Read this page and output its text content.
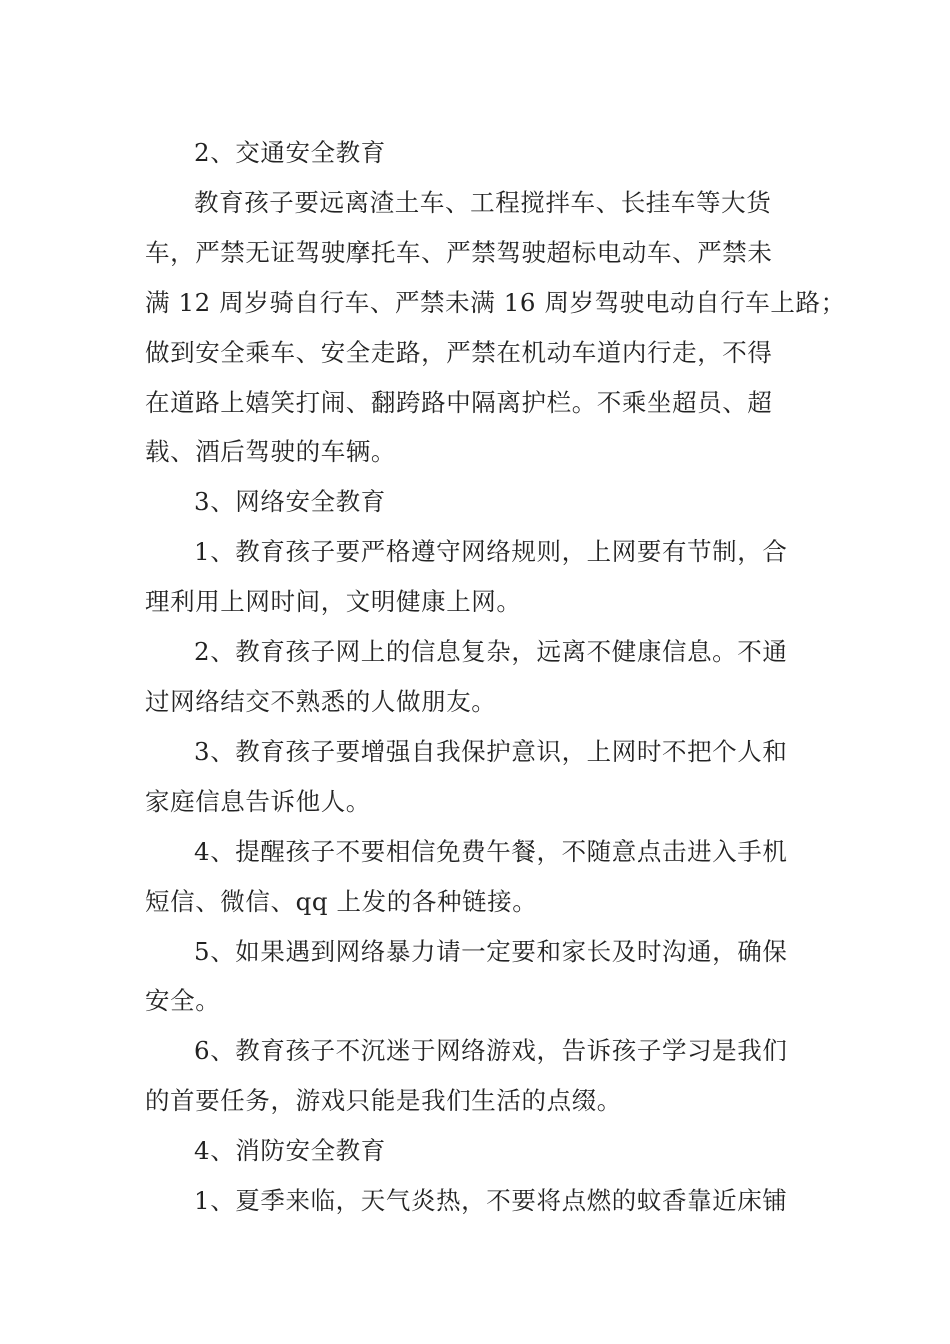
2、交通安全教育

教育孩子要远离渣土车、工程搅拌车、长挂车等大货
车，严禁无证驾驶摩托车、严禁驾驶超标电动车、严禁未
满 12 周岁骑自行车、严禁未满 16 周岁驾驶电动自行车上路；
做到安全乘车、安全走路，严禁在机动车道内行走，不得
在道路上嬉笑打闹、翻跨路中隔离护栏。不乘坐超员、超
载、酒后驾驶的车辆。

3、网络安全教育

1、教育孩子要严格遵守网络规则，上网要有节制，合
理利用上网时间，文明健康上网。

2、教育孩子网上的信息复杂，远离不健康信息。不通
过网络结交不熟悉的人做朋友。

3、教育孩子要增强自我保护意识，上网时不把个人和
家庭信息告诉他人。

4、提醒孩子不要相信免费午餐，不随意点击进入手机
短信、微信、qq 上发的各种链接。

5、如果遇到网络暴力请一定要和家长及时沟通，确保
安全。

6、教育孩子不沉迷于网络游戏，告诉孩子学习是我们
的首要任务，游戏只能是我们生活的点缀。

4、消防安全教育

1、夏季来临，天气炎热，不要将点燃的蚊香靠近床铺
